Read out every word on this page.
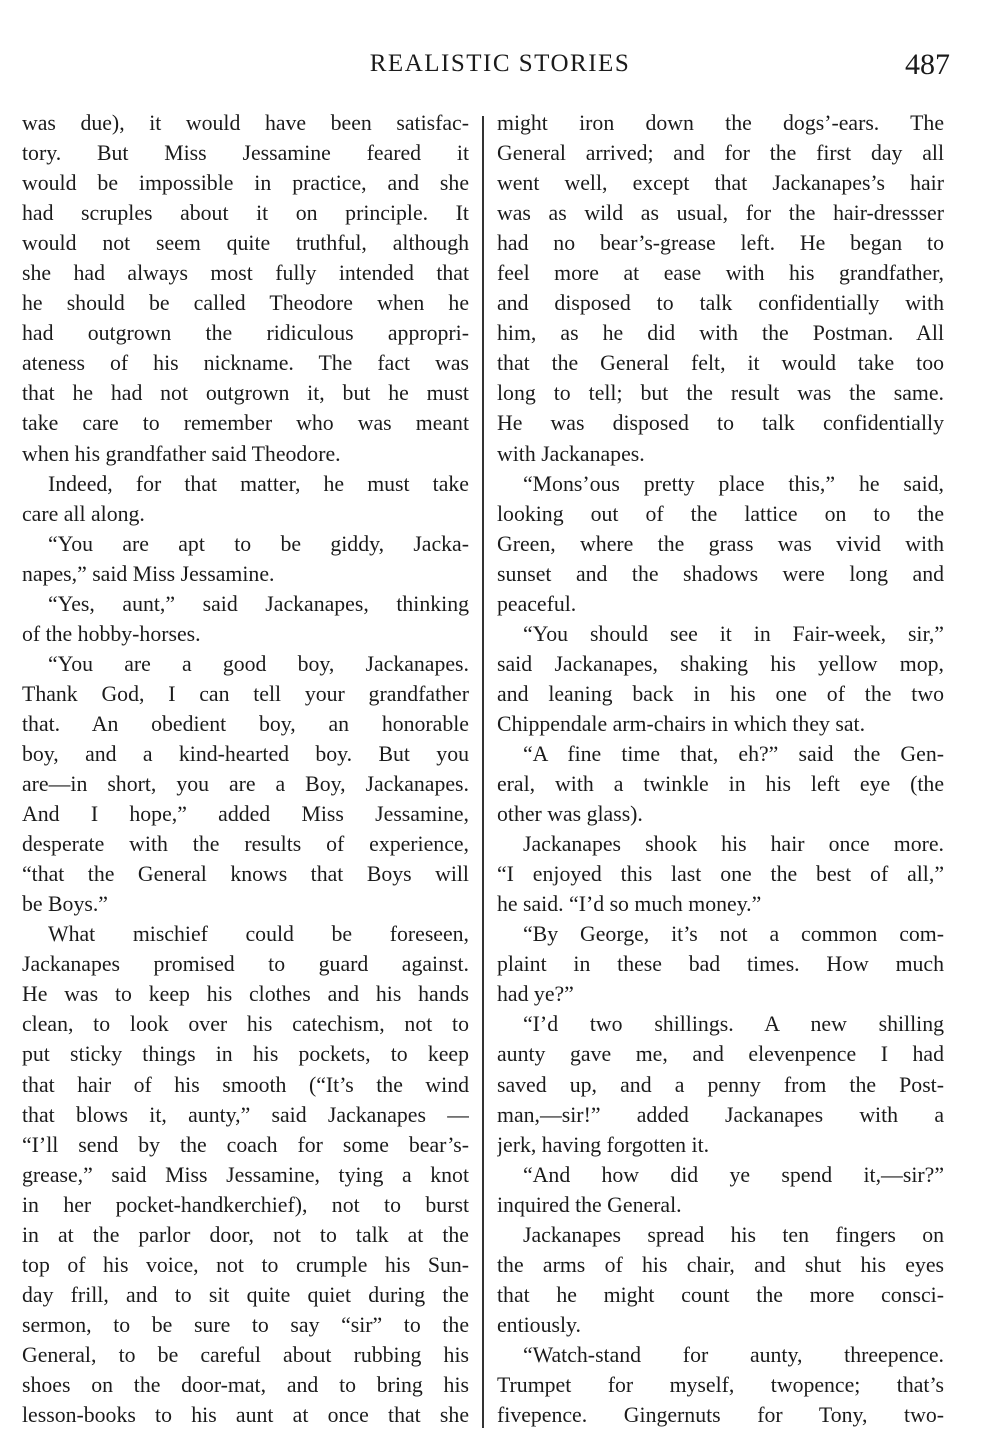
REALISTIC STORIES	487
was due), it would have been satisfac-
tory. But Miss Jessamine feared it
would be impossible in practice, and she
had scruples about it on principle. It
would not seem quite truthful, although
she had always most fully intended that
he should be called Theodore when he
had outgrown the ridiculous appropri-
ateness of his nickname. The fact was
that he had not outgrown it, but he must
take care to remember who was meant
when his grandfather said Theodore.
Indeed, for that matter, he must take
care all along.
“You are apt to be giddy, Jacka-
napes,” said Miss Jessamine.
“Yes, aunt,” said Jackanapes, thinking
of the hobby-horses.
“You are a good boy, Jackanapes.
Thank God, I can tell your grandfather
that. An obedient boy, an honorable
boy, and a kind-hearted boy. But you
are—in short, you are a Boy, Jackanapes.
And I hope,” added Miss Jessamine,
desperate with the results of experience,
“that the General knows that Boys will
be Boys.”
What mischief could be foreseen,
Jackanapes promised to guard against.
He was to keep his clothes and his hands
clean, to look over his catechism, not to
put sticky things in his pockets, to keep
that hair of his smooth (“It’s the wind
that blows it, aunty,” said Jackanapes —
“I’ll send by the coach for some bear’s-
grease,” said Miss Jessamine, tying a knot
in her pocket-handkerchief), not to burst
in at the parlor door, not to talk at the
top of his voice, not to crumple his Sun-
day frill, and to sit quite quiet during the
sermon, to be sure to say “sir” to the
General, to be careful about rubbing his
shoes on the door-mat, and to bring his
lesson-books to his aunt at once that she
might iron down the dogs’-ears. The
General arrived; and for the first day all
went well, except that Jackanapes’s hair
was as wild as usual, for the hair-dressser
had no bear’s-grease left. He began to
feel more at ease with his grandfather,
and disposed to talk confidentially with
him, as he did with the Postman. All
that the General felt, it would take too
long to tell; but the result was the same.
He was disposed to talk confidentially
with Jackanapes.
“Mons’ous pretty place this,” he said,
looking out of the lattice on to the
Green, where the grass was vivid with
sunset and the shadows were long and
peaceful.
“You should see it in Fair-week, sir,”
said Jackanapes, shaking his yellow mop,
and leaning back in his one of the two
Chippendale arm-chairs in which they sat.
“A fine time that, eh?” said the Gen-
eral, with a twinkle in his left eye (the
other was glass).
Jackanapes shook his hair once more.
“I enjoyed this last one the best of all,”
he said. “I’d so much money.”
“By George, it’s not a common com-
plaint in these bad times. How much
had ye?”
“I’d two shillings. A new shilling
aunty gave me, and elevenpence I had
saved up, and a penny from the Post-
man,—sir!” added Jackanapes with a
jerk, having forgotten it.
“And how did ye spend it,—sir?”
inquired the General.
Jackanapes spread his ten fingers on
the arms of his chair, and shut his eyes
that he might count the more consci-
entiously.
“Watch-stand for aunty, threepence.
Trumpet for myself, twopence; that’s
fivepence. Gingernuts for Tony, two-
